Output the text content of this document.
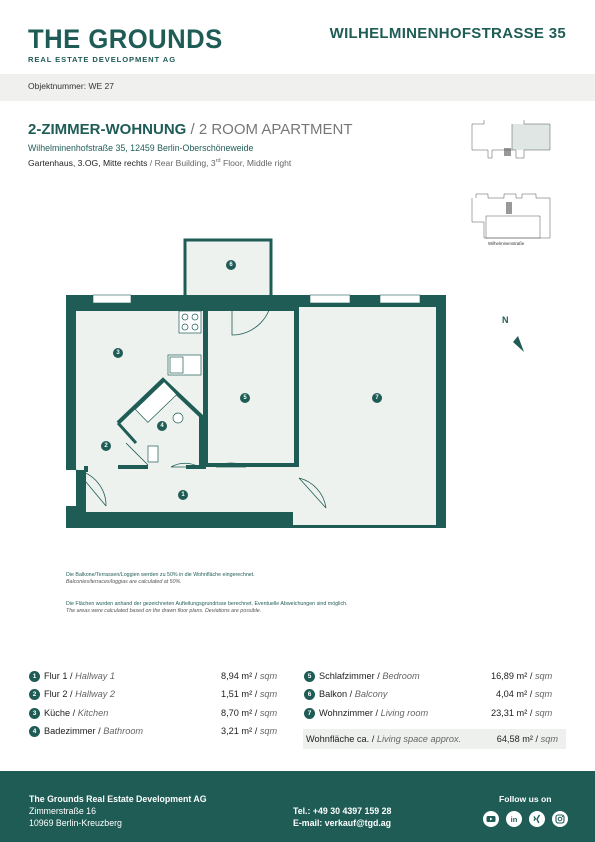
THE GROUNDS
REAL ESTATE DEVELOPMENT AG
WILHELMINENHOFSTRASSE 35
Objektnummer: WE 27
2-ZIMMER-WOHNUNG / 2 ROOM APARTMENT
Wilhelminenhofstraße 35, 12459 Berlin-Oberschöneweide
Gartenhaus, 3.OG, Mitte rechts / Rear Building, 3rd Floor, Middle right
Wilhelminenstraße
6
3
5	7
4
2
1
N
Die Balkone/Terrassen/Loggien werden zu 50% in die Wohnfläche eingerechnet.
Balconies/terraces/loggias are calculated at 50%.
Die Flächen wurden anhand der gezeichneten Aufteilungsgrundrisse berechnet. Eventuelle Abweichungen sind möglich.
The areas were calculated based on the drawn floor plans. Deviations are possible.
1 Flur 1 / Hallway 1	8,94 m² / sqm
2 Flur 2 / Hallway 2	1,51 m² / sqm
3 Küche / Kitchen	8,70 m² / sqm
4 Badezimmer / Bathroom	3,21 m² / sqm
5 Schlafzimmer / Bedroom	16,89 m² / sqm
6 Balkon / Balcony	4,04 m² / sqm
7 Wohnzimmer / Living room	23,31 m² / sqm
Wohnfläche ca. / Living space approx.	64,58 m² / sqm
The Grounds Real Estate Development AG
Zimmerstraße 16
10969 Berlin-Kreuzberg
Tel.: +49 30 4397 159 28
E-mail: verkauf@tgd.ag
Follow us on
in
